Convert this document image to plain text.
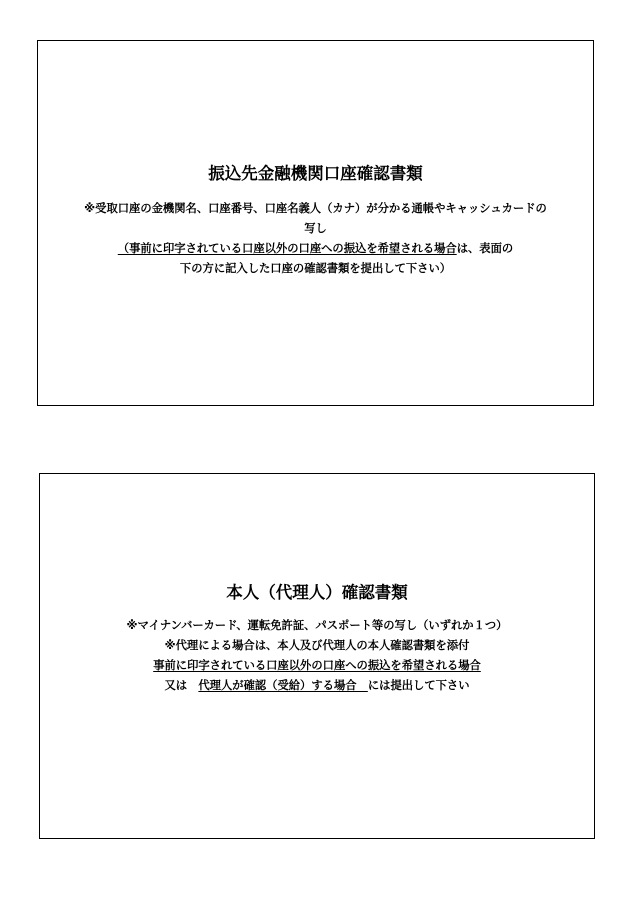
振込先金融機関口座確認書類
※受取口座の金機関名、口座番号、口座名義人（カナ）が分かる通帳やキャッシュカードの
写し
（事前に印字されている口座以外の口座への振込を希望される場合は、表面の
下の方に記入した口座の確認書類を提出して下さい）
本人（代理人）確認書類
※マイナンバーカード、運転免許証、パスポート等の写し（いずれか１つ）
※代理による場合は、本人及び代理人の本人確認書類を添付
事前に印字されている口座以外の口座への振込を希望される場合
又は　代理人が確認（受給）する場合　には提出して下さい
